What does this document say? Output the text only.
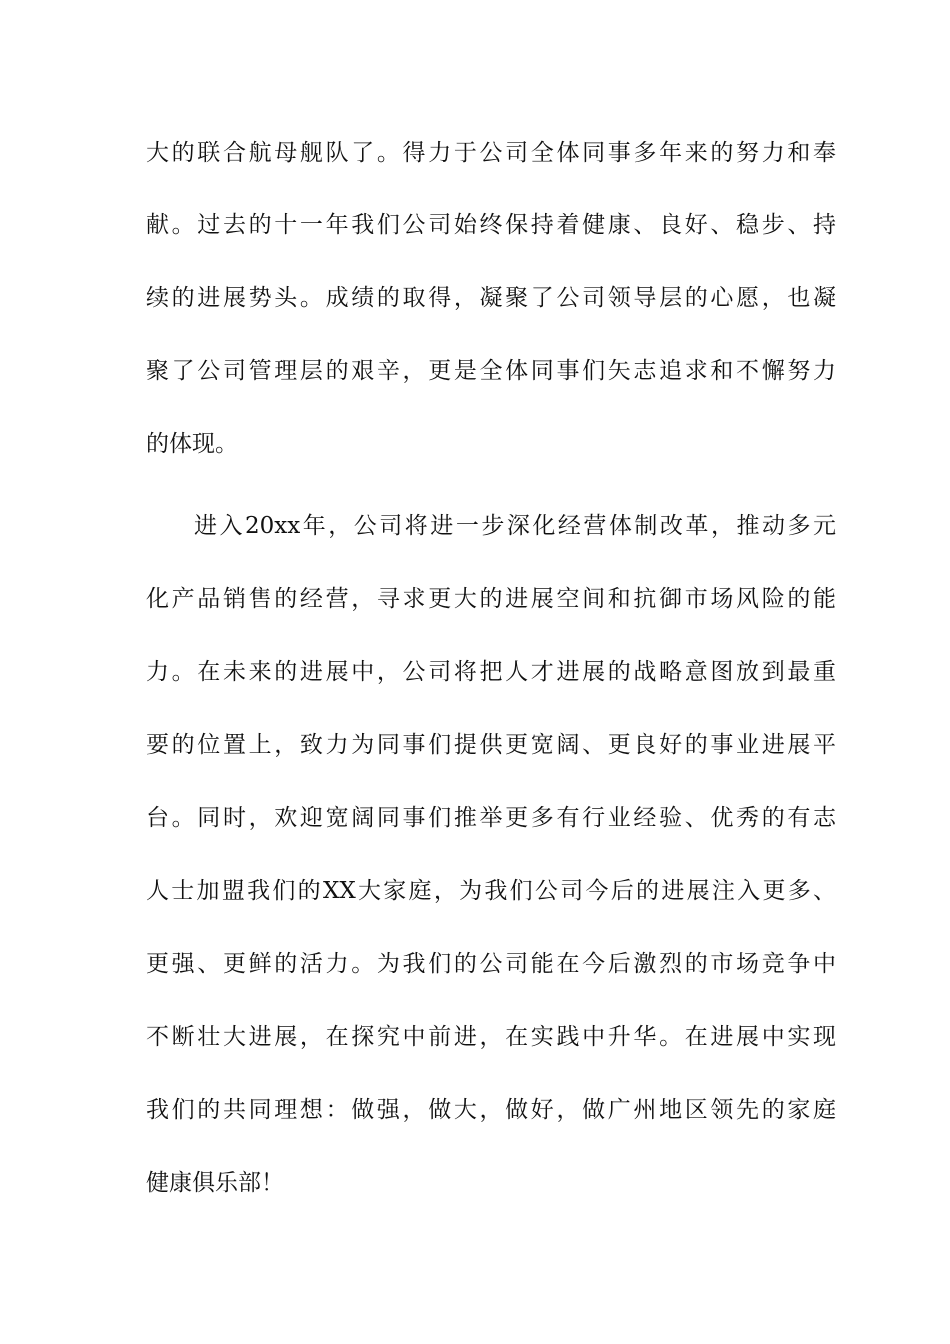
大的联合航母舰队了。得力于公司全体同事多年来的努力和奉
献。过去的十一年我们公司始终保持着健康、良好、稳步、持
续的进展势头。成绩的取得，凝聚了公司领导层的心愿，也凝
聚了公司管理层的艰辛，更是全体同事们矢志追求和不懈努力
的体现。
进入20xx年，公司将进一步深化经营体制改革，推动多元
化产品销售的经营，寻求更大的进展空间和抗御市场风险的能
力。在未来的进展中，公司将把人才进展的战略意图放到最重
要的位置上，致力为同事们提供更宽阔、更良好的事业进展平
台。同时，欢迎宽阔同事们推举更多有行业经验、优秀的有志
人士加盟我们的XX大家庭，为我们公司今后的进展注入更多、
更强、更鲜的活力。为我们的公司能在今后激烈的市场竞争中
不断壮大进展，在探究中前进，在实践中升华。在进展中实现
我们的共同理想：做强，做大，做好，做广州地区领先的家庭
健康俱乐部！
